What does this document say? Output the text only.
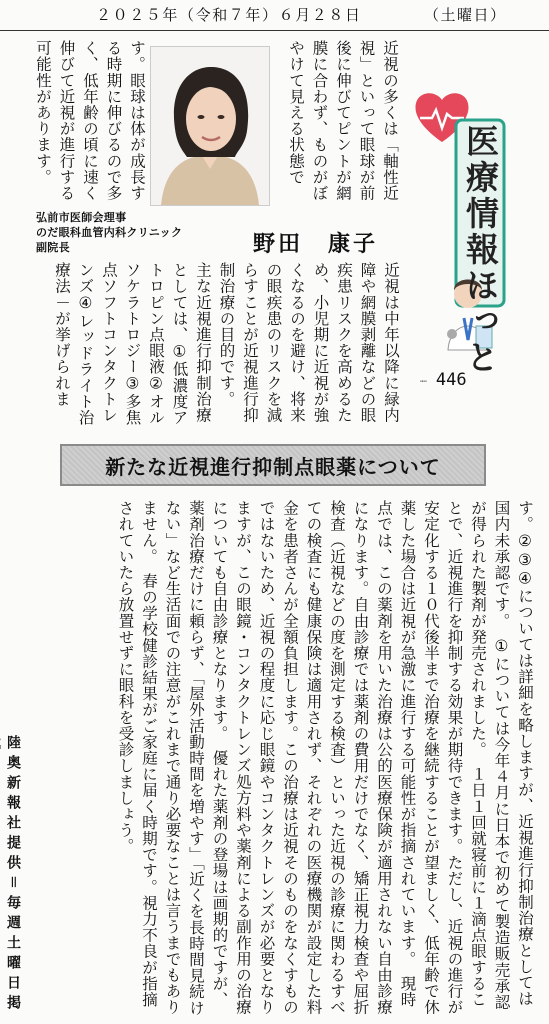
２０２５年（令和７年）６月２８日	（土曜日）
近視の多くは「軸性近視」といって眼球が前後に伸びてピントが網膜に合わず、ものがぼやけて見える状態で
す。眼球は体が成長する時期に伸びるので多く、低年齢の頃に速く伸びて近視が進行する可能性があります。
弘前市医師会理事
のだ眼科血管内科クリニック
副院長	野田　康子
近視は中年以降に緑内障や網膜剥離などの眼疾患リスクを高めるため、小児期に近視が強くなるのを避け、将来の眼疾患のリスクを減らすことが近視進行抑制治療の目的です。　主な近視進行抑制治療としては、①低濃度アトロピン点眼液②オルソケラトロジー③多焦点ソフトコンタクトレンズ④レッドライト治療法－が挙げられま	医療情報ほっと
┈ 446
新たな近視進行抑制点眼薬について
す。②③④については詳細を略しますが、近視進行抑制治療としては国内未承認です。　①については今年４月に日本で初めて製造販売承認が得られた製剤が発売されました。　１日１回就寝前に１滴点眼することで、近視進行を抑制する効果が期待できます。ただし、近視の進行が安定化する１０代後半まで治療を継続することが望ましく、低年齢で休薬した場合は近視が急激に進行する可能性が指摘されています。　現時点では、この薬剤を用いた治療は公的医療保険が適用されない自由診療になります。自由診療では薬剤の費用だけでなく、矯正視力検査や屈折検査（近視などの度を測定する検査）といった近視の診療に関わるすべての検査にも健康保険は適用されず、それぞれの医療機関が設定した料金を患者さんが全額負担します。この治療は近視そのものをなくすものではないため、近視の程度に応じ眼鏡やコンタクトレンズが必要となりますが、この眼鏡・コンタクトレンズ処方料や薬剤による副作用の治療についても自由診療となります。　優れた薬剤の登場は画期的ですが、薬剤治療だけに頼らず、「屋外活動時間を増やす」「近くを長時間見続けない」など生活面での注意がこれまで通り必要なことは言うまでもありません。　春の学校健診結果がご家庭に届く時期です。視力不良が指摘されていたら放置せずに眼科を受診しましょう。
陸奥新報社提供＝毎週土曜日掲
